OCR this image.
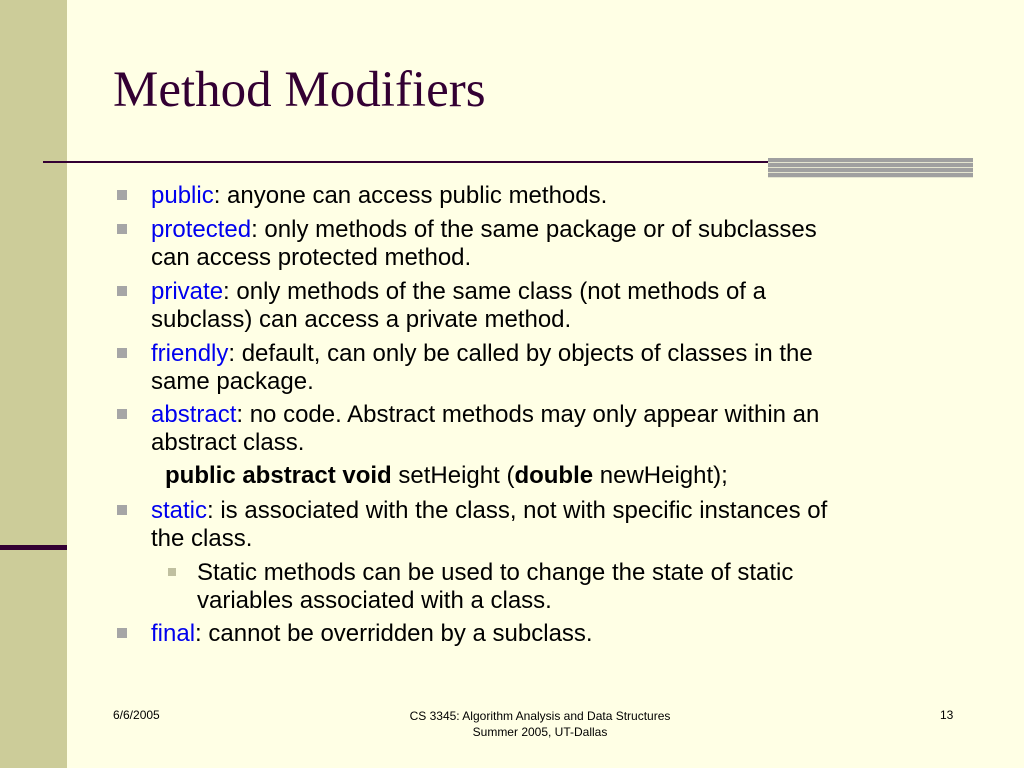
Method Modifiers
public: anyone can access public methods.
protected: only methods of the same package or of subclasses
can access protected method.
private: only methods of the same class (not methods of a
subclass) can access a private method.
friendly: default, can only be called by objects of classes in the
same package.
abstract: no code. Abstract methods may only appear within an
abstract class.
public abstract void setHeight (double newHeight);
static: is associated with the class, not with specific instances of
the class.
Static methods can be used to change the state of static
variables associated with a class.
final: cannot be overridden by a subclass.
6/6/2005	CS 3345: Algorithm Analysis and Data Structures
Summer 2005, UT-Dallas
13
